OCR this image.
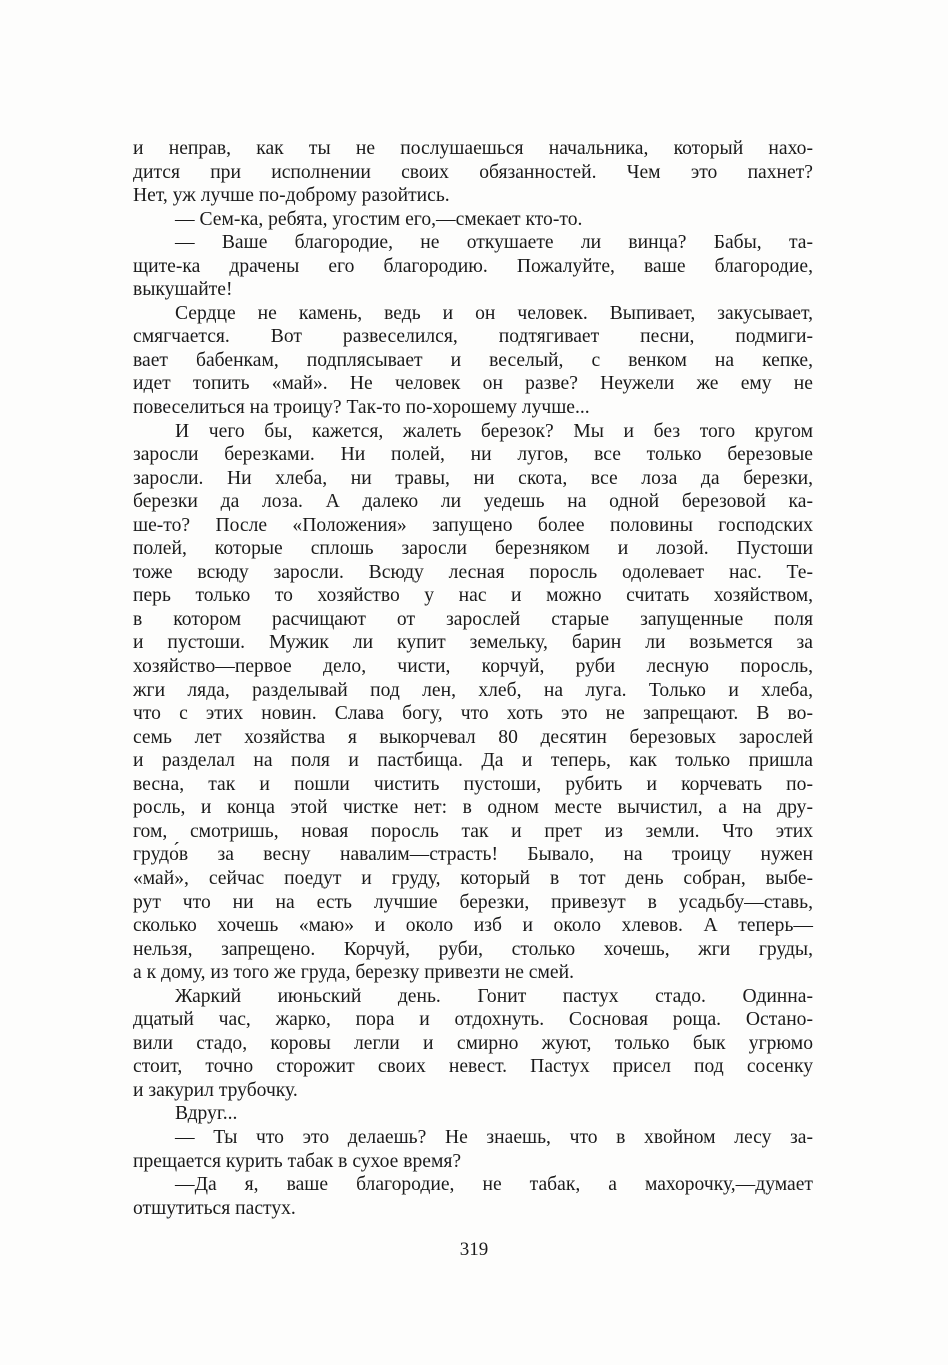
и неправ, как ты не послушаешься начальника, который нахо-
дится при исполнении своих обязанностей. Чем это пахнет?
Нет, уж лучше по-доброму разойтись.
— Сем-ка, ребята, угостим его,—смекает кто-то.
— Ваше благородие, не откушаете ли винца? Бабы, та-
щите-ка драчены его благородию. Пожалуйте, ваше благородие,
выкушайте!
Сердце не камень, ведь и он человек. Выпивает, закусывает,
смягчается. Вот развеселился, подтягивает песни, подмиги-
вает бабенкам, подплясывает и веселый, с венком на кепке,
идет топить «май». Не человек он разве? Неужели же ему не
повеселиться на троицу? Так-то по-хорошему лучше...
И чего бы, кажется, жалеть березок? Мы и без того кругом
заросли березками. Ни полей, ни лугов, все только березовые
заросли. Ни хлеба, ни травы, ни скота, все лоза да березки,
березки да лоза. А далеко ли уедешь на одной березовой ка-
ше-то? После «Положения» запущено более половины господских
полей, которые сплошь заросли березняком и лозой. Пустоши
тоже всюду заросли. Всюду лесная поросль одолевает нас. Те-
перь только то хозяйство у нас и можно считать хозяйством,
в котором расчищают от зарослей старые запущенные поля
и пустоши. Мужик ли купит земельку, барин ли возьмется за
хозяйство—первое дело, чисти, корчуй, руби лесную поросль,
жги ляда, разделывай под лен, хлеб, на луга. Только и хлеба,
что с этих новин. Слава богу, что хоть это не запрещают. В во-
семь лет хозяйства я выкорчевал 80 десятин березовых зарослей
и разделал на поля и пастбища. Да и теперь, как только пришла
весна, так и пошли чистить пустоши, рубить и корчевать по-
росль, и конца этой чистке нет: в одном месте вычистил, а на дру-
гом, смотришь, новая поросль так и прет из земли. Что этих
грудо́в за весну навалим—страсть! Бывало, на троицу нужен
«май», сейчас поедут и груду, который в тот день собран, выбе-
рут что ни на есть лучшие березки, привезут в усадьбу—ставь,
сколько хочешь «маю» и около изб и около хлевов. А теперь—
нельзя, запрещено. Корчуй, руби, столько хочешь, жги груды,
а к дому, из того же груда, березку привезти не смей.
Жаркий июньский день. Гонит пастух стадо. Одинна-
дцатый час, жарко, пора и отдохнуть. Сосновая роща. Остано-
вили стадо, коровы легли и смирно жуют, только бык угрюмо
стоит, точно сторожит своих невест. Пастух присел под сосенку
и закурил трубочку.
Вдруг...
— Ты что это делаешь? Не знаешь, что в хвойном лесу за-
прещается курить табак в сухое время?
—Да я, ваше благородие, не табак, а махорочку,—думает
отшутиться пастух.
319
